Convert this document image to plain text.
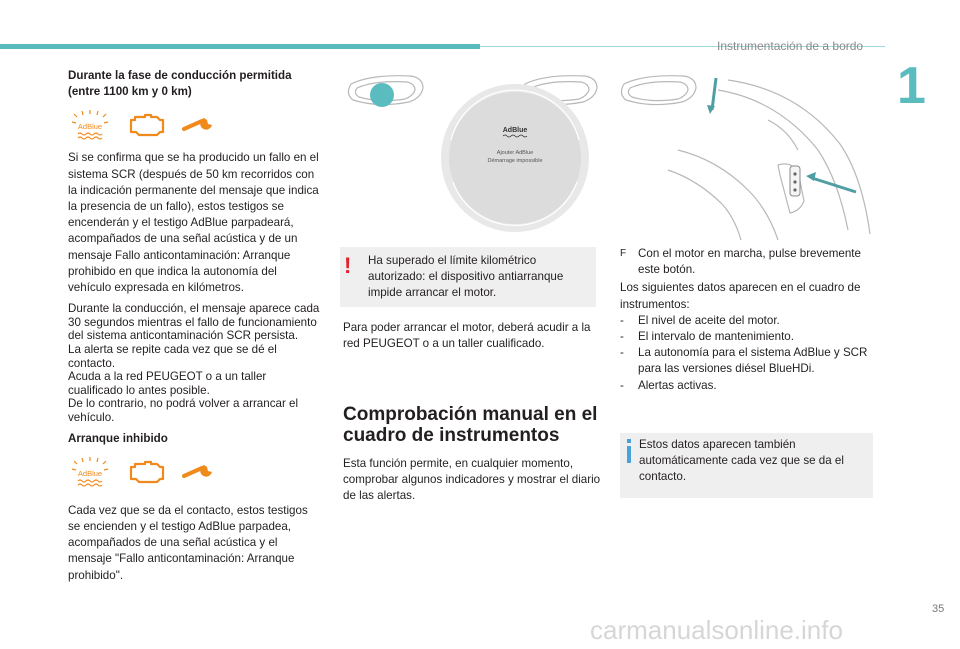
Instrumentación de a bordo
1

Durante la fase de conducción permitida (entre 1100 km y 0 km)

AdBlue

Si se confirma que se ha producido un fallo en el sistema SCR (después de 50 km recorridos con la indicación permanente del mensaje que indica la presencia de un fallo), estos testigos se encenderán y el testigo AdBlue parpadeará, acompañados de una señal acústica y de un mensaje Fallo anticontaminación: Arranque prohibido en que indica la autonomía del vehículo expresada en kilómetros.

Durante la conducción, el mensaje aparece cada 30 segundos mientras el fallo de funcionamiento del sistema anticontaminación SCR persista.
La alerta se repite cada vez que se dé el contacto.
Acuda a la red PEUGEOT o a un taller cualificado lo antes posible.
De lo contrario, no podrá volver a arrancar el vehículo.

Arranque inhibido

AdBlue

Cada vez que se da el contacto, estos testigos se encienden y el testigo AdBlue parpadea, acompañados de una señal acústica y el mensaje "Fallo anticontaminación: Arranque prohibido".

AdBlue
Ajouter AdBlue
Démarrage impossible
! Ha superado el límite kilométrico autorizado: el dispositivo antiarranque impide arrancar el motor.
Para poder arrancar el motor, deberá acudir a la red PEUGEOT o a un taller cualificado.
Comprobación manual en el cuadro de instrumentos
Esta función permite, en cualquier momento, comprobar algunos indicadores y mostrar el diario de las alertas.
F Con el motor en marcha, pulse brevemente este botón.

Los siguientes datos aparecen en el cuadro de instrumentos:

- El nivel de aceite del motor.
- El intervalo de mantenimiento.
- La autonomía para el sistema AdBlue y SCR para las versiones diésel BlueHDi.
- Alertas activas.
Estos datos aparecen también automáticamente cada vez que se da el contacto.
35
carmanualsonline.info
